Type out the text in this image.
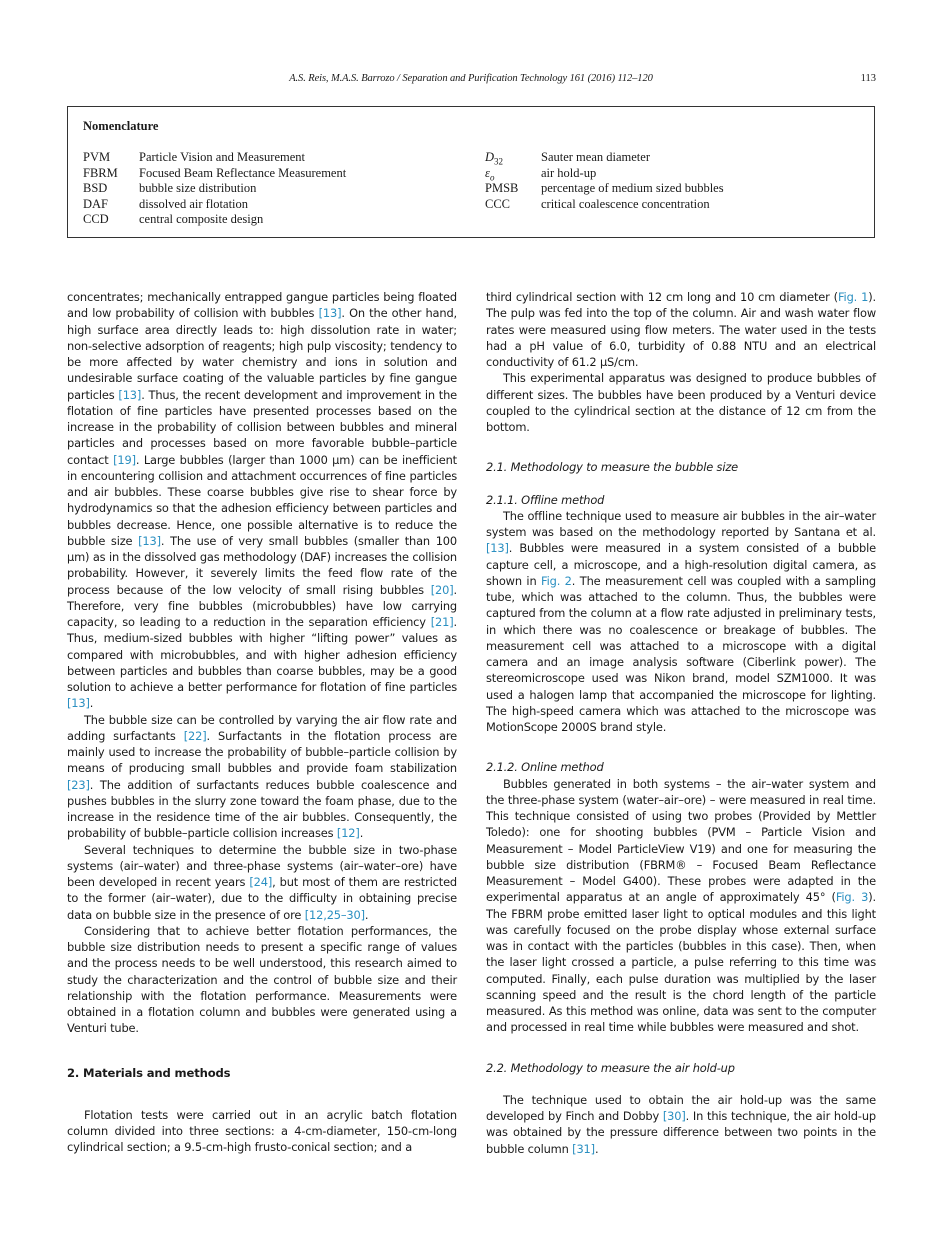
A.S. Reis, M.A.S. Barrozo / Separation and Purification Technology 161 (2016) 112–120	113
Nomenclature
PVM Particle Vision and Measurement
FBRM Focused Beam Reflectance Measurement
BSD	bubble size distribution
DAF dissolved air flotation
CCD central composite design
$D_{32}$	Sauter mean diameter
$\varepsilon_o$	air hold-up
PMSB percentage of medium sized bubbles
CCC critical coalescence concentration

concentrates; mechanically entrapped gangue particles being floated and low probability of collision with bubbles [13]. On the other hand, high surface area directly leads to: high dissolution rate in water; non-selective adsorption of reagents; high pulp viscosity; tendency to be more affected by water chemistry and ions in solution and undesirable surface coating of the valuable particles by fine gangue particles [13]. Thus, the recent development and improvement in the flotation of fine particles have presented processes based on the increase in the probability of collision between bubbles and mineral particles and processes based on more favorable bubble–particle contact [19]. Large bubbles (larger than 1000 μm) can be inefficient in encountering collision and attachment occurrences of fine particles and air bubbles. These coarse bubbles give rise to shear force by hydrodynamics so that the adhesion efficiency between particles and bubbles decrease. Hence, one possible alternative is to reduce the bubble size [13]. The use of very small bubbles (smaller than 100 μm) as in the dissolved gas methodology (DAF) increases the collision probability. However, it severely limits the feed flow rate of the process because of the low velocity of small rising bubbles [20]. Therefore, very fine bubbles (microbubbles) have low carrying capacity, so leading to a reduction in the separation efficiency [21]. Thus, medium-sized bubbles with higher “lifting power” values as compared with microbubbles, and with higher adhesion efficiency between particles and bubbles than coarse bubbles, may be a good solution to achieve a better performance for flotation of fine particles [13].

The bubble size can be controlled by varying the air flow rate and adding surfactants [22]. Surfactants in the flotation process are mainly used to increase the probability of bubble–particle collision by means of producing small bubbles and provide foam stabilization [23]. The addition of surfactants reduces bubble coalescence and pushes bubbles in the slurry zone toward the foam phase, due to the increase in the residence time of the air bubbles. Consequently, the probability of bubble–particle collision increases [12].

Several techniques to determine the bubble size in two-phase systems (air–water) and three-phase systems (air–water–ore) have been developed in recent years [24], but most of them are restricted to the former (air–water), due to the difficulty in obtaining precise data on bubble size in the presence of ore [12,25–30].

Considering that to achieve better flotation performances, the bubble size distribution needs to present a specific range of values and the process needs to be well understood, this research aimed to study the characterization and the control of bubble size and their relationship with the flotation performance. Measurements were obtained in a flotation column and bubbles were generated using a Venturi tube.

2. Materials and methods

Flotation tests were carried out in an acrylic batch flotation column divided into three sections: a 4-cm-diameter, 150-cm-long cylindrical section; a 9.5-cm-high frusto-conical section; and a

third cylindrical section with 12 cm long and 10 cm diameter (Fig. 1). The pulp was fed into the top of the column. Air and wash water flow rates were measured using flow meters. The water used in the tests had a pH value of 6.0, turbidity of 0.88 NTU and an electrical conductivity of 61.2 μS/cm.

This experimental apparatus was designed to produce bubbles of different sizes. The bubbles have been produced by a Venturi device coupled to the cylindrical section at the distance of 12 cm from the bottom.

2.1. Methodology to measure the bubble size
2.1.1. Offline method

The offline technique used to measure air bubbles in the air–water system was based on the methodology reported by Santana et al. [13]. Bubbles were measured in a system consisted of a bubble capture cell, a microscope, and a high-resolution digital camera, as shown in Fig. 2. The measurement cell was coupled with a sampling tube, which was attached to the column. Thus, the bubbles were captured from the column at a flow rate adjusted in preliminary tests, in which there was no coalescence or breakage of bubbles. The measurement cell was attached to a microscope with a digital camera and an image analysis software (Ciberlink power). The stereomicroscope used was Nikon brand, model SZM1000. It was used a halogen lamp that accompanied the microscope for lighting. The high-speed camera which was attached to the microscope was MotionScope 2000S brand style.

2.1.2. Online method

Bubbles generated in both systems – the air–water system and the three-phase system (water–air–ore) – were measured in real time. This technique consisted of using two probes (Provided by Mettler Toledo): one for shooting bubbles (PVM – Particle Vision and Measurement – Model ParticleView V19) and one for measuring the bubble size distribution (FBRM® – Focused Beam Reflectance Measurement – Model G400). These probes were adapted in the experimental apparatus at an angle of approximately 45° (Fig. 3). The FBRM probe emitted laser light to optical modules and this light was carefully focused on the probe display whose external surface was in contact with the particles (bubbles in this case). Then, when the laser light crossed a particle, a pulse referring to this time was computed. Finally, each pulse duration was multiplied by the laser scanning speed and the result is the chord length of the particle measured. As this method was online, data was sent to the computer and processed in real time while bubbles were measured and shot.

2.2. Methodology to measure the air hold-up

The technique used to obtain the air hold-up was the same developed by Finch and Dobby [30]. In this technique, the air hold-up was obtained by the pressure difference between two points in the bubble column [31].
